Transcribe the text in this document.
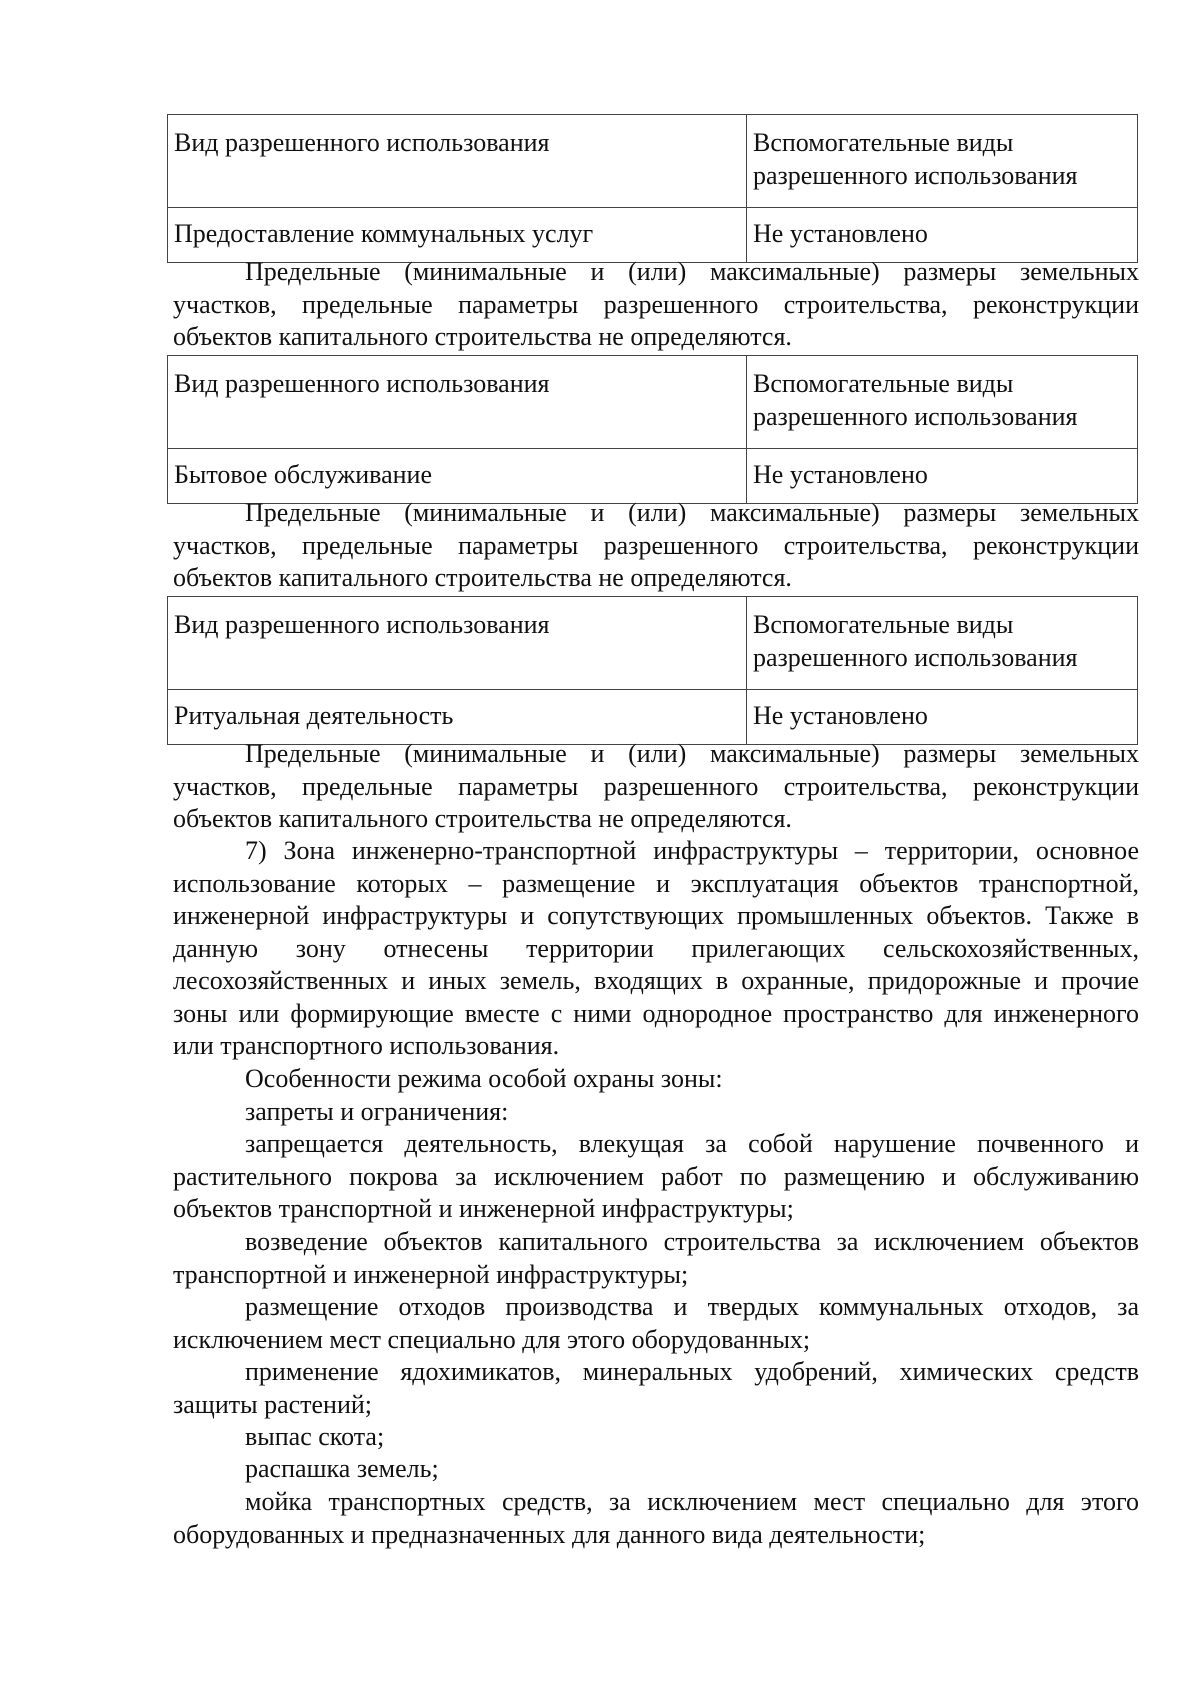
Вид разрешенного использования	Вспомогательные виды разрешенного использования
Предоставление коммунальных услуг	Не установлено

Предельные (минимальные и (или) максимальные) размеры земельных участков, предельные параметры разрешенного строительства, реконструкции объектов капитального строительства не определяются.

Вид разрешенного использования	Вспомогательные виды разрешенного использования
Бытовое обслуживание	Не установлено

Предельные (минимальные и (или) максимальные) размеры земельных участков, предельные параметры разрешенного строительства, реконструкции объектов капитального строительства не определяются.

Вид разрешенного использования	Вспомогательные виды разрешенного использования
Ритуальная деятельность	Не установлено

Предельные (минимальные и (или) максимальные) размеры земельных участков, предельные параметры разрешенного строительства, реконструкции объектов капитального строительства не определяются.

7) Зона инженерно-транспортной инфраструктуры – территории, основное использование которых – размещение и эксплуатация объектов транспортной, инженерной инфраструктуры и сопутствующих промышленных объектов. Также в данную зону отнесены территории прилегающих сельскохозяйственных, лесохозяйственных и иных земель, входящих в охранные, придорожные и прочие зоны или формирующие вместе с ними однородное пространство для инженерного или транспортного использования.

Особенности режима особой охраны зоны:

запреты и ограничения:

запрещается деятельность, влекущая за собой нарушение почвенного и растительного покрова за исключением работ по размещению и обслуживанию объектов транспортной и инженерной инфраструктуры;

возведение объектов капитального строительства за исключением объектов транспортной и инженерной инфраструктуры;

размещение отходов производства и твердых коммунальных отходов, за исключением мест специально для этого оборудованных;

применение ядохимикатов, минеральных удобрений, химических средств защиты растений;

выпас скота;

распашка земель;

мойка транспортных средств, за исключением мест специально для этого оборудованных и предназначенных для данного вида деятельности;
